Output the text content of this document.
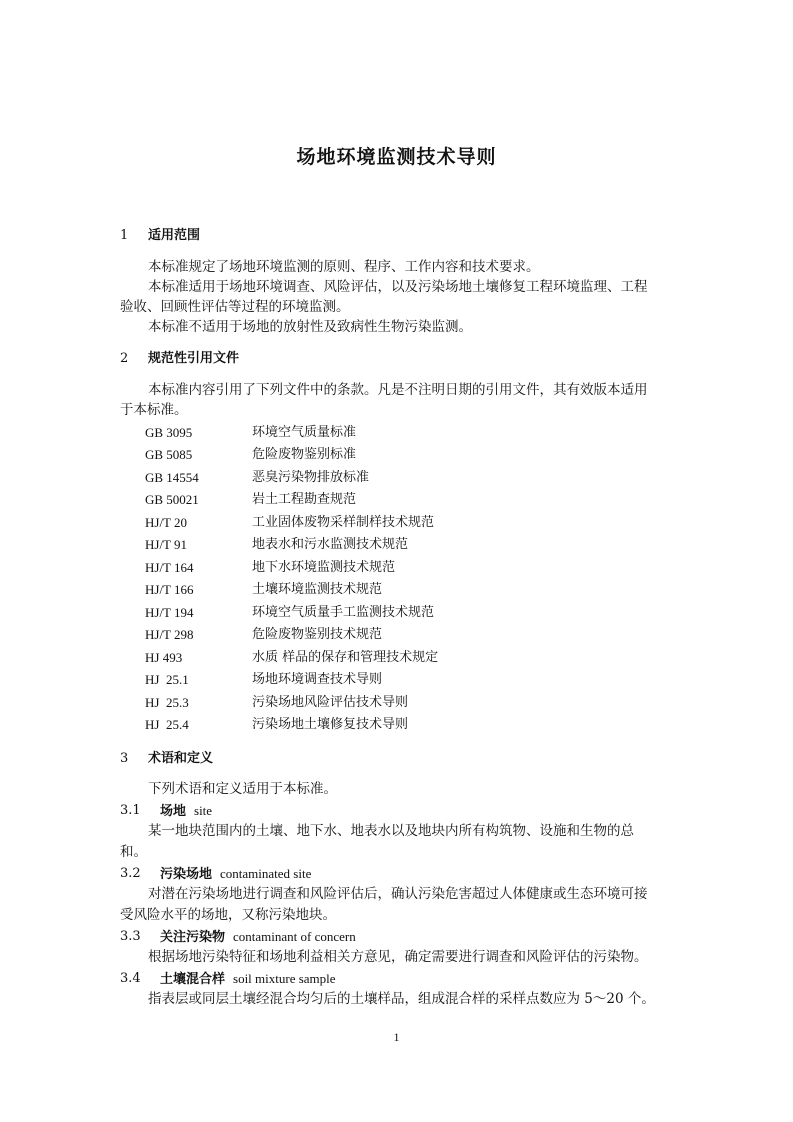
场地环境监测技术导则
1 适用范围
本标准规定了场地环境监测的原则、程序、工作内容和技术要求。
本标准适用于场地环境调查、风险评估，以及污染场地土壤修复工程环境监理、工程
验收、回顾性评估等过程的环境监测。
本标准不适用于场地的放射性及致病性生物污染监测。
2 规范性引用文件
本标准内容引用了下列文件中的条款。凡是不注明日期的引用文件，其有效版本适用
于本标准。
GB 3095	环境空气质量标准
GB 5085	危险废物鉴别标准
GB 14554	恶臭污染物排放标准
GB 50021	岩土工程勘查规范
HJ/T 20	工业固体废物采样制样技术规范
HJ/T 91	地表水和污水监测技术规范
HJ/T 164	地下水环境监测技术规范
HJ/T 166	土壤环境监测技术规范
HJ/T 194	环境空气质量手工监测技术规范
HJ/T 298	危险废物鉴别技术规范
HJ 493	水质 样品的保存和管理技术规定
HJ  25.1	场地环境调查技术导则
HJ  25.3	污染场地风险评估技术导则
HJ  25.4	污染场地土壤修复技术导则
3 术语和定义
下列术语和定义适用于本标准。
3.1 场地 site
某一地块范围内的土壤、地下水、地表水以及地块内所有构筑物、设施和生物的总
和。
3.2 污染场地 contaminated site
对潜在污染场地进行调查和风险评估后，确认污染危害超过人体健康或生态环境可接
受风险水平的场地，又称污染地块。
3.3 关注污染物 contaminant of concern
根据场地污染特征和场地利益相关方意见，确定需要进行调查和风险评估的污染物。
3.4 土壤混合样 soil mixture sample
指表层或同层土壤经混合均匀后的土壤样品，组成混合样的采样点数应为 5～20 个。
1
